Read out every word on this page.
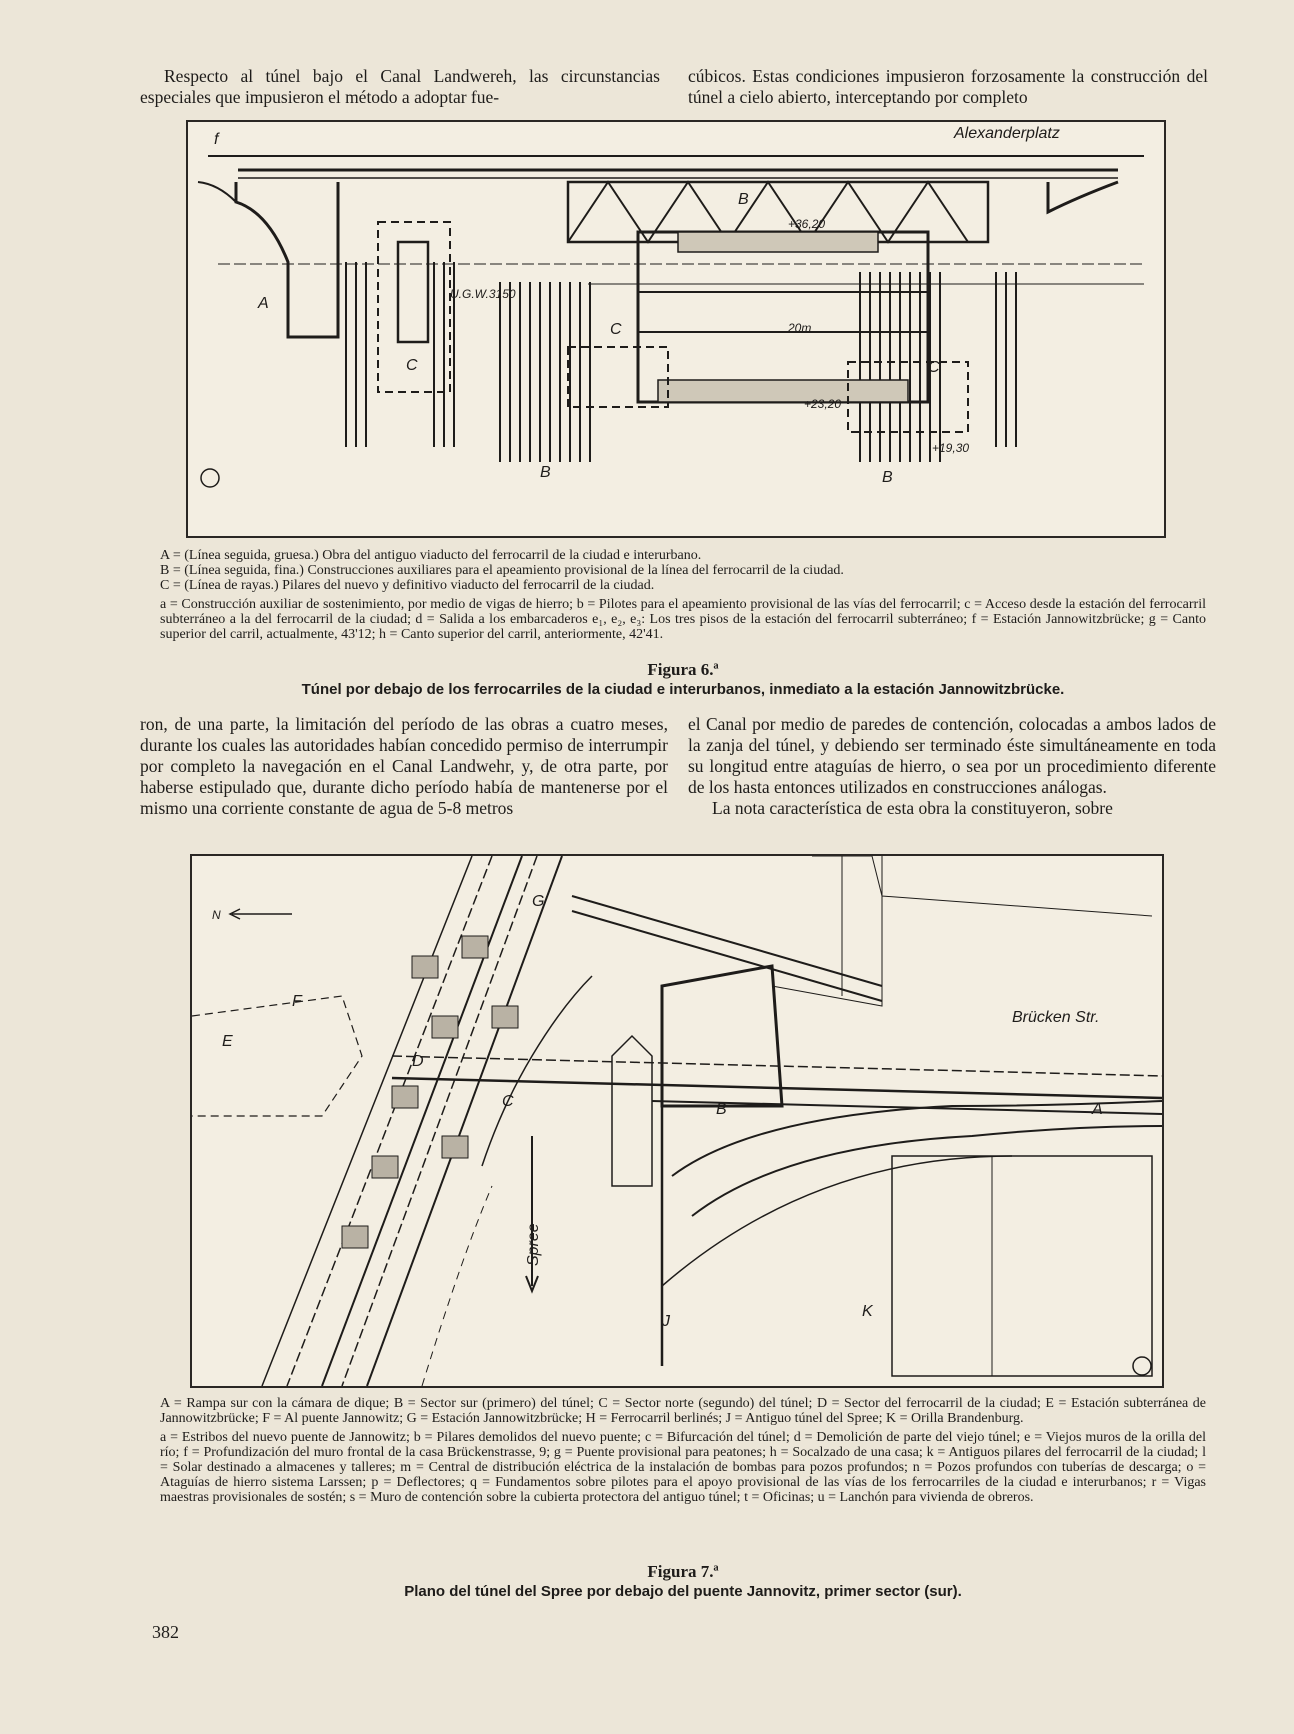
Respecto al túnel bajo el Canal Landwereh, las circunstancias especiales que impusieron el método a adoptar fue-

cúbicos. Estas condiciones impusieron forzosamente la construcción del túnel a cielo abierto, interceptando por completo

f	Alexanderplatz
A
B
C
C
C
B	B
U.G.W.3150
20m
+36,20
+23,20
+19,30

A = (Línea seguida, gruesa.) Obra del antiguo viaducto del ferrocarril de la ciudad e interurbano.

B = (Línea seguida, fina.) Construcciones auxiliares para el apeamiento provisional de la línea del ferrocarril de la ciudad.

C = (Línea de rayas.) Pilares del nuevo y definitivo viaducto del ferrocarril de la ciudad.

a = Construcción auxiliar de sostenimiento, por medio de vigas de hierro; b = Pilotes para el apeamiento provisional de las vías del ferrocarril; c = Acceso desde la estación del ferrocarril subterráneo a la del ferrocarril de la ciudad; d = Salida a los embarcaderos e₁, e₂, e₃: Los tres pisos de la estación del ferrocarril subterráneo; f = Estación Jannowitzbrücke; g = Canto superior del carril, actualmente, 43'12; h = Canto superior del carril, anteriormente, 42'41.

Figura 6.ª
Túnel por debajo de los ferrocarriles de la ciudad e interurbanos, inmediato a la estación Jannowitzbrücke.

ron, de una parte, la limitación del período de las obras a cuatro meses, durante los cuales las autoridades habían concedido permiso de interrumpir por completo la navegación en el Canal Landwehr, y, de otra parte, por haberse estipulado que, durante dicho período había de mantenerse por el mismo una corriente constante de agua de 5-8 metros

el Canal por medio de paredes de contención, colocadas a ambos lados de la zanja del túnel, y debiendo ser terminado éste simultáneamente en toda su longitud entre ataguías de hierro, o sea por un procedimiento diferente de los hasta entonces utilizados en construcciones análogas.

La nota característica de esta obra la constituyeron, sobre

N
Spree
Brücken Str.
C	B	A
E
F
G
J
K
D

A = Rampa sur con la cámara de dique; B = Sector sur (primero) del túnel; C = Sector norte (segundo) del túnel; D = Sector del ferrocarril de la ciudad; E = Estación subterránea de Jannowitzbrücke; F = Al puente Jannowitz; G = Estación Jannowitzbrücke; H = Ferrocarril berlinés; J = Antiguo túnel del Spree; K = Orilla Brandenburg.

a = Estribos del nuevo puente de Jannowitz; b = Pilares demolidos del nuevo puente; c = Bifurcación del túnel; d = Demolición de parte del viejo túnel; e = Viejos muros de la orilla del río; f = Profundización del muro frontal de la casa Brückenstrasse, 9; g = Puente provisional para peatones; h = Socalzado de una casa; k = Antiguos pilares del ferrocarril de la ciudad; l = Solar destinado a almacenes y talleres; m = Central de distribución eléctrica de la instalación de bombas para pozos profundos; n = Pozos profundos con tuberías de descarga; o = Ataguías de hierro sistema Larssen; p = Deflectores; q = Fundamentos sobre pilotes para el apoyo provisional de las vías de los ferrocarriles de la ciudad e interurbanos; r = Vigas maestras provisionales de sostén; s = Muro de contención sobre la cubierta protectora del antiguo túnel; t = Oficinas; u = Lanchón para vivienda de obreros.

Figura 7.ª
Plano del túnel del Spree por debajo del puente Jannovitz, primer sector (sur).
382
